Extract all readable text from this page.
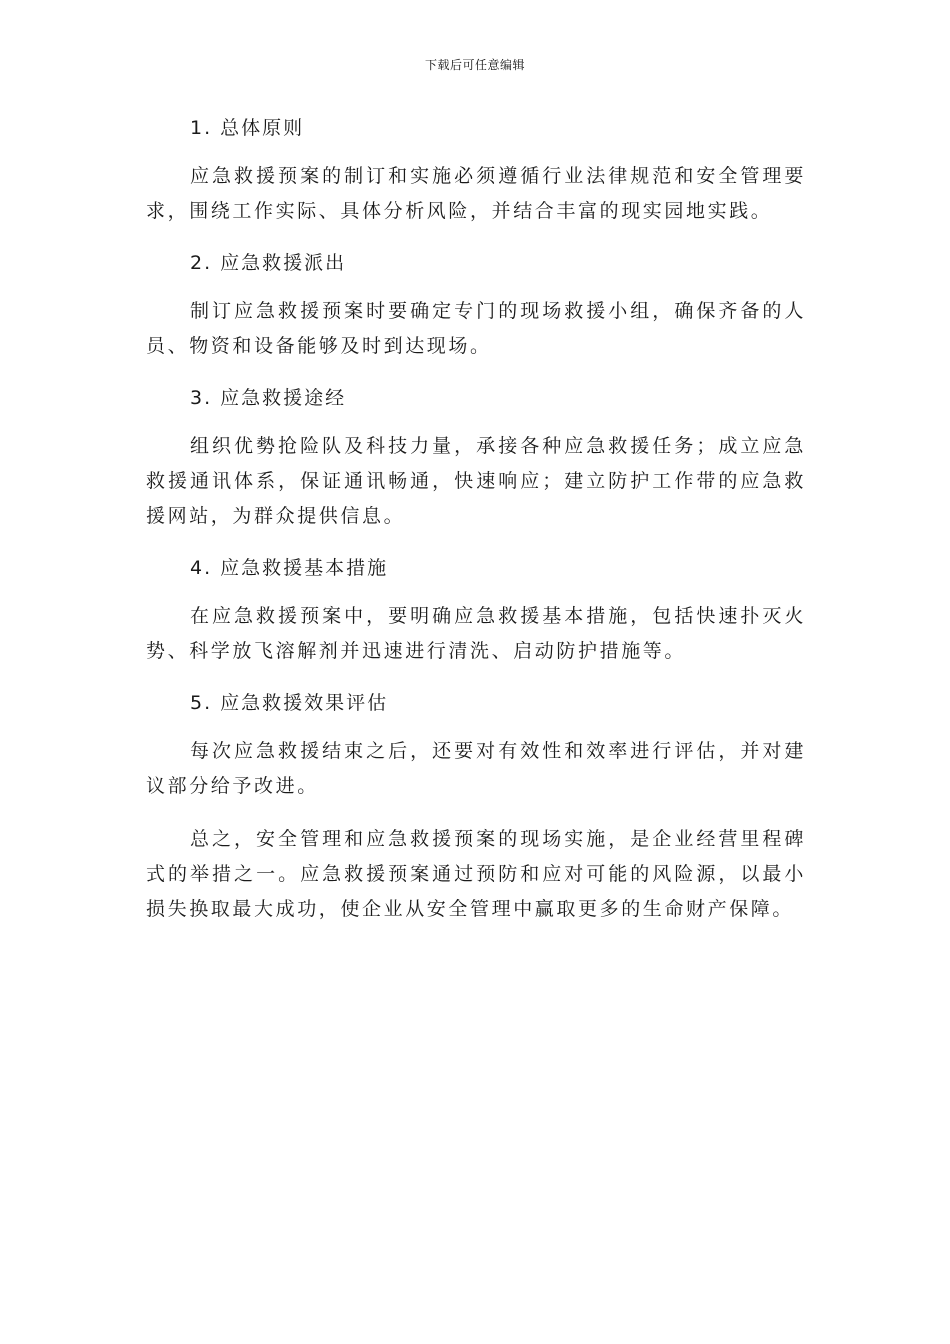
下载后可任意编辑
1. 总体原则

应急救援预案的制订和实施必须遵循行业法律规范和安全管理要求，围绕工作实际、具体分析风险，并结合丰富的现实园地实践。

2. 应急救援派出

制订应急救援预案时要确定专门的现场救援小组，确保齐备的人员、物资和设备能够及时到达现场。

3. 应急救援途经

组织优勢抢险队及科技力量，承接各种应急救援任务；成立应急救援通讯体系，保证通讯畅通，快速响应；建立防护工作带的应急救援网站，为群众提供信息。

4. 应急救援基本措施

在应急救援预案中，要明确应急救援基本措施，包括快速扑灭火势、科学放飞溶解剂并迅速进行清洗、启动防护措施等。

5. 应急救援效果评估

每次应急救援结束之后，还要对有效性和效率进行评估，并对建议部分给予改进。

总之，安全管理和应急救援预案的现场实施，是企业经营里程碑式的举措之一。应急救援预案通过预防和应对可能的风险源，以最小损失换取最大成功，使企业从安全管理中赢取更多的生命财产保障。
